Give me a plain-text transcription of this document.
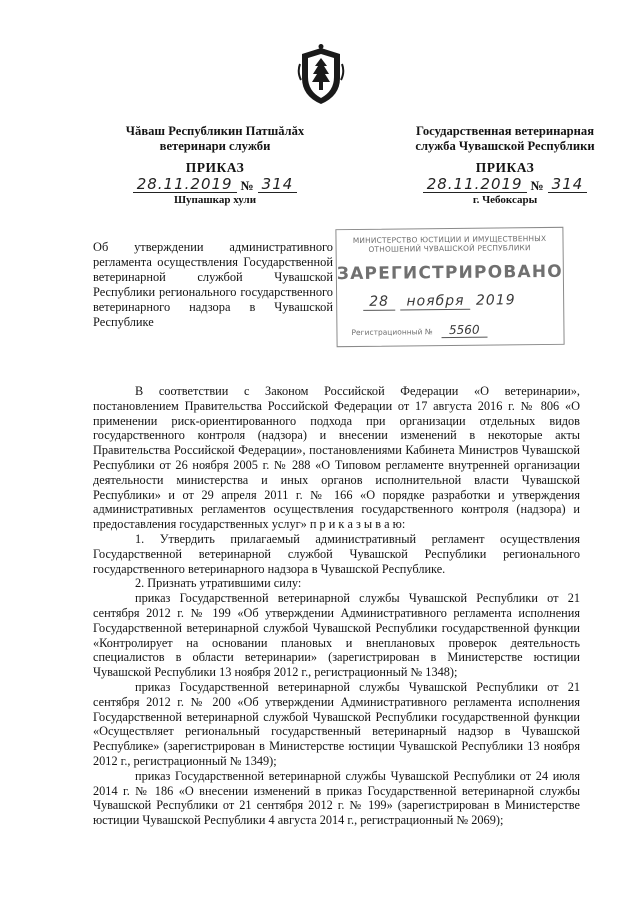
Чăваш Республикин Патшăлăх
ветеринари служби
ПРИКАЗ
28.11.2019 № 314
Шупашкар хули
Государственная ветеринарная
служба Чувашской Республики
ПРИКАЗ
28.11.2019 № 314
г. Чебоксары
Об утверждении административного регламента осуществления Государственной ветеринарной службой Чувашской Республики регионального государственного ветеринарного надзора в Чувашской Республике
МИНИСТЕРСТВО ЮСТИЦИИ И ИМУЩЕСТВЕННЫХ
ОТНОШЕНИЙ ЧУВАШСКОЙ РЕСПУБЛИКИ
ЗАРЕГИСТРИРОВАНО
28 ноября 2019
Регистрационный № 5560

В соответствии с Законом Российской Федерации «О ветеринарии», постановлением Правительства Российской Федерации от 17 августа 2016 г. № 806 «О применении риск-ориентированного подхода при организации отдельных видов государственного контроля (надзора) и внесении изменений в некоторые акты Правительства Российской Федерации», постановлениями Кабинета Министров Чувашской Республики от 26 ноября 2005 г. № 288 «О Типовом регламенте внутренней организации деятельности министерства и иных органов исполнительной власти Чувашской Республики» и от 29 апреля 2011 г. № 166 «О порядке разработки и утверждения административных регламентов осуществления государственного контроля (надзора) и предоставления государственных услуг» п р и к а з ы в а ю:

1. Утвердить прилагаемый административный регламент осуществления Государственной ветеринарной службой Чувашской Республики регионального государственного ветеринарного надзора в Чувашской Республике.

2. Признать утратившими силу:

приказ Государственной ветеринарной службы Чувашской Республики от 21 сентября 2012 г. № 199 «Об утверждении Административного регламента исполнения Государственной ветеринарной службой Чувашской Республики государственной функции «Контролирует на основании плановых и внеплановых проверок деятельность специалистов в области ветеринарии» (зарегистрирован в Министерстве юстиции Чувашской Республики 13 ноября 2012 г., регистрационный № 1348);

приказ Государственной ветеринарной службы Чувашской Республики от 21 сентября 2012 г. № 200 «Об утверждении Административного регламента исполнения Государственной ветеринарной службой Чувашской Республики государственной функции «Осуществляет региональный государственный ветеринарный надзор в Чувашской Республике» (зарегистрирован в Министерстве юстиции Чувашской Республики 13 ноября 2012 г., регистрационный № 1349);

приказ Государственной ветеринарной службы Чувашской Республики от 24 июля 2014 г. № 186 «О внесении изменений в приказ Государственной ветеринарной службы Чувашской Республики от 21 сентября 2012 г. № 199» (зарегистрирован в Министерстве юстиции Чувашской Республики 4 августа 2014 г., регистрационный № 2069);
